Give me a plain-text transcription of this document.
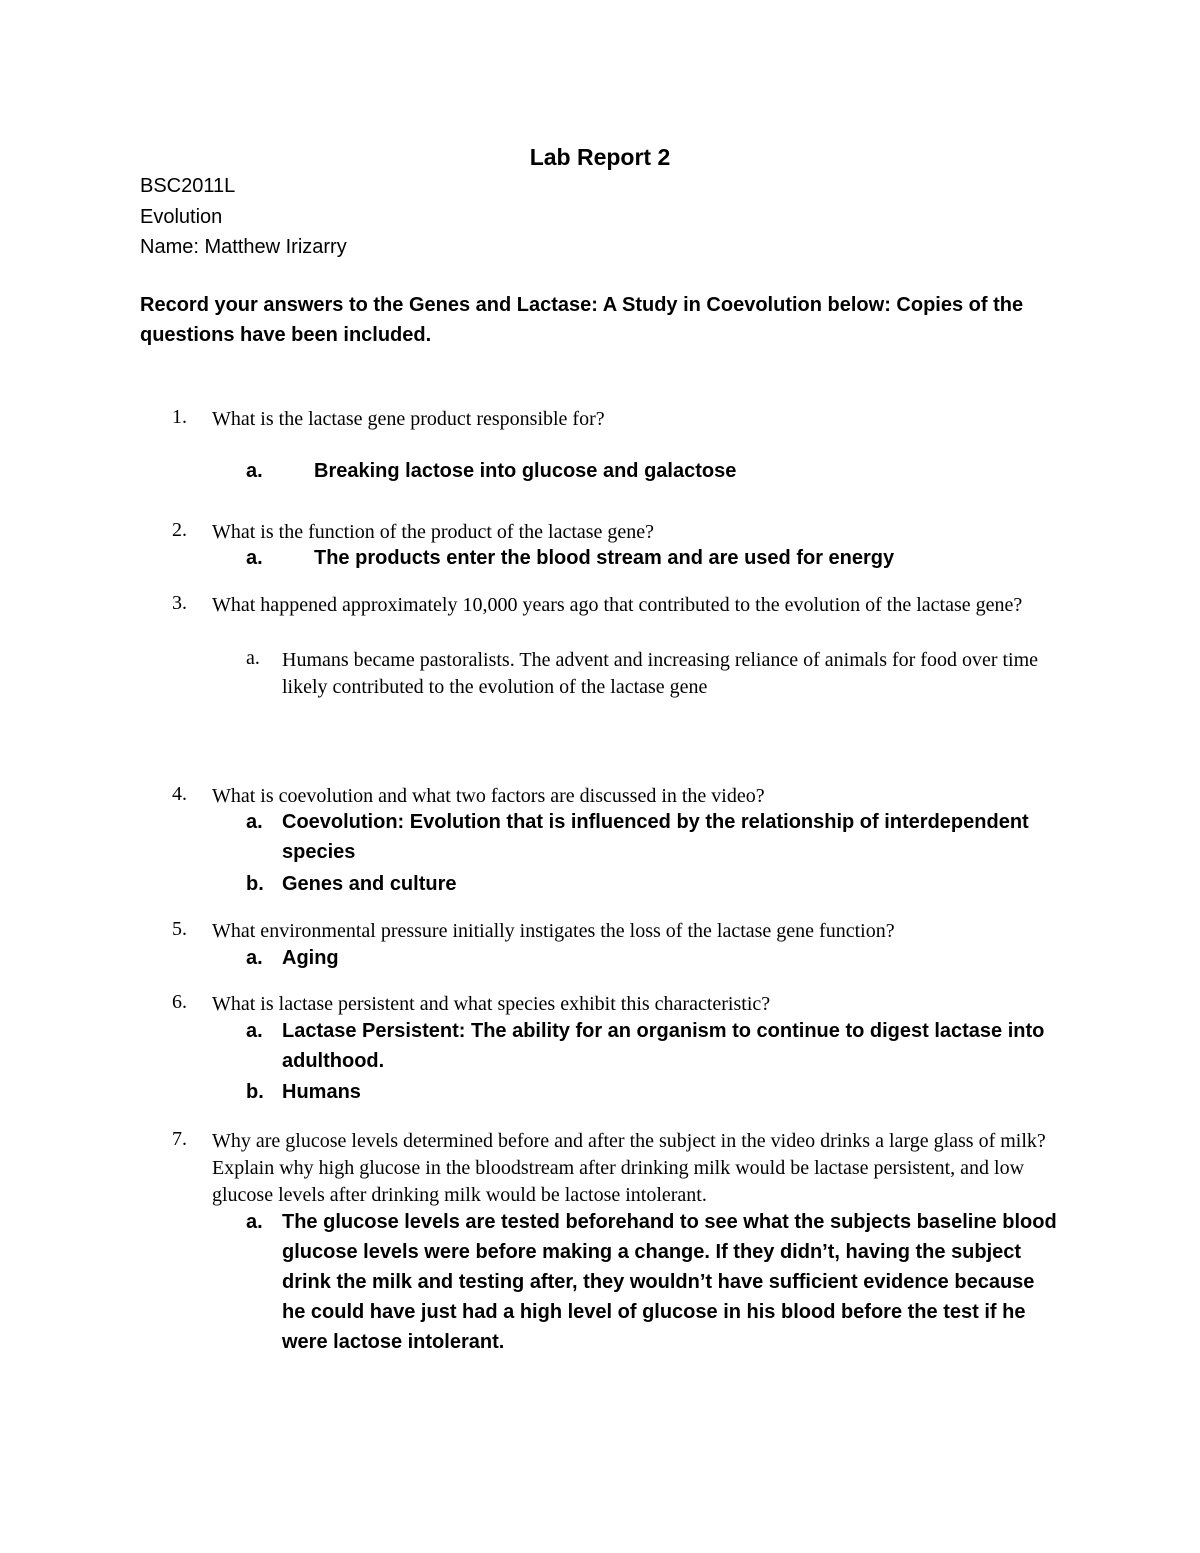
Lab Report 2
BSC2011L
Evolution
Name: Matthew Irizarry
Record your answers to the Genes and Lactase: A Study in Coevolution below: Copies of the questions have been included.
1. What is the lactase gene product responsible for?
a.	Breaking lactose into glucose and galactose
2. What is the function of the product of the lactase gene?
a.	The products enter the blood stream and are used for energy
3. What happened approximately 10,000 years ago that contributed to the evolution of the lactase gene?
a. Humans became pastoralists. The advent and increasing reliance of animals for food over time likely contributed to the evolution of the lactase gene
4. What is coevolution and what two factors are discussed in the video?
a. Coevolution: Evolution that is influenced by the relationship of interdependent species
b. Genes and culture
5. What environmental pressure initially instigates the loss of the lactase gene function?
a. Aging
6. What is lactase persistent and what species exhibit this characteristic?
a. Lactase Persistent: The ability for an organism to continue to digest lactase into adulthood.
b. Humans
7. Why are glucose levels determined before and after the subject in the video drinks a large glass of milk? Explain why high glucose in the bloodstream after drinking milk would be lactase persistent, and low glucose levels after drinking milk would be lactose intolerant.
a. The glucose levels are tested beforehand to see what the subjects baseline blood glucose levels were before making a change. If they didn’t, having the subject drink the milk and testing after, they wouldn’t have sufficient evidence because he could have just had a high level of glucose in his blood before the test if he were lactose intolerant.
